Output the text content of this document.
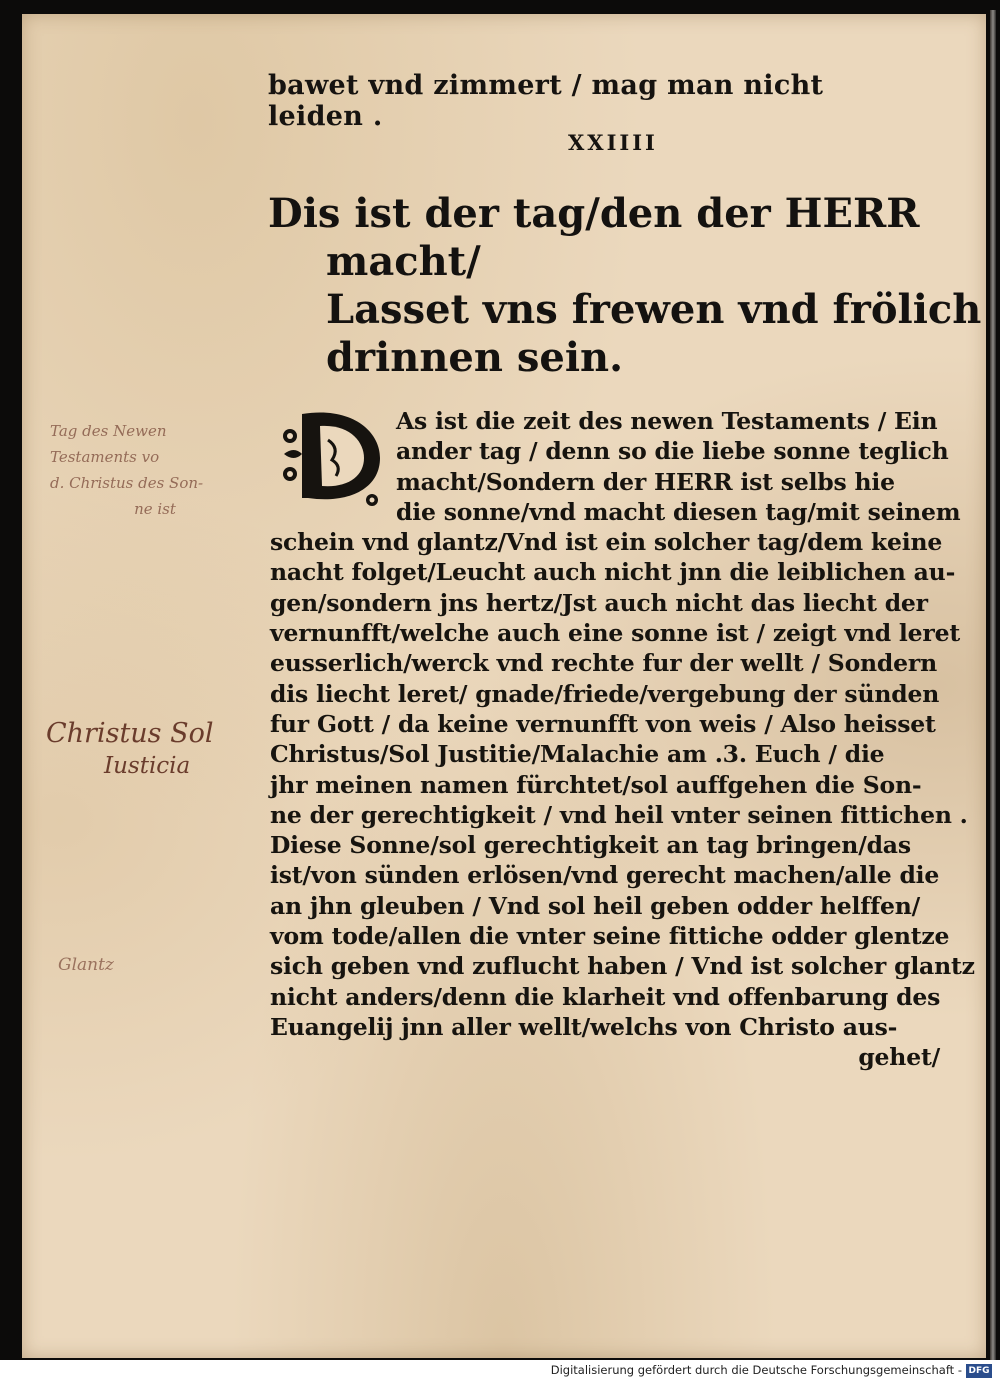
bawet vnd zimmert / mag man nicht leiden .
XXIIII
Dis ist der tag/den der HERR
macht/
Lasset vns frewen vnd frölich
drinnen sein.
As ist die zeit des newen Testaments / Ein
ander tag / denn so die liebe sonne teglich
macht/Sondern der HERR ist selbs hie
die sonne/vnd macht diesen tag/mit seinem
schein vnd glantz/Vnd ist ein solcher tag/dem keine
nacht folget/Leucht auch nicht jnn die leiblichen au-
gen/sondern jns hertz/Jst auch nicht das liecht der
vernunfft/welche auch eine sonne ist / zeigt vnd leret
eusserlich/werck vnd rechte fur der wellt / Sondern
dis liecht leret/ gnade/friede/vergebung der sünden
fur Gott / da keine vernunfft von weis / Also heisset
Christus/Sol Justitie/Malachie am .3. Euch / die
jhr meinen namen fürchtet/sol auffgehen die Son-
ne der gerechtigkeit / vnd heil vnter seinen fittichen .
Diese Sonne/sol gerechtigkeit an tag bringen/das
ist/von sünden erlösen/vnd gerecht machen/alle die
an jhn gleuben / Vnd sol heil geben odder helffen/
vom tode/allen die vnter seine fittiche odder glentze
sich geben vnd zuflucht haben / Vnd ist solcher glantz
nicht anders/denn die klarheit vnd offenbarung des
Euangelij jnn aller wellt/welchs von Christo aus-
gehet/
Tag des Newen
Testaments vo
d. Christus des Son-
ne ist
Christus Sol
Iusticia
Glantz
Digitalisierung gefördert durch die Deutsche Forschungsgemeinschaft - DFG
